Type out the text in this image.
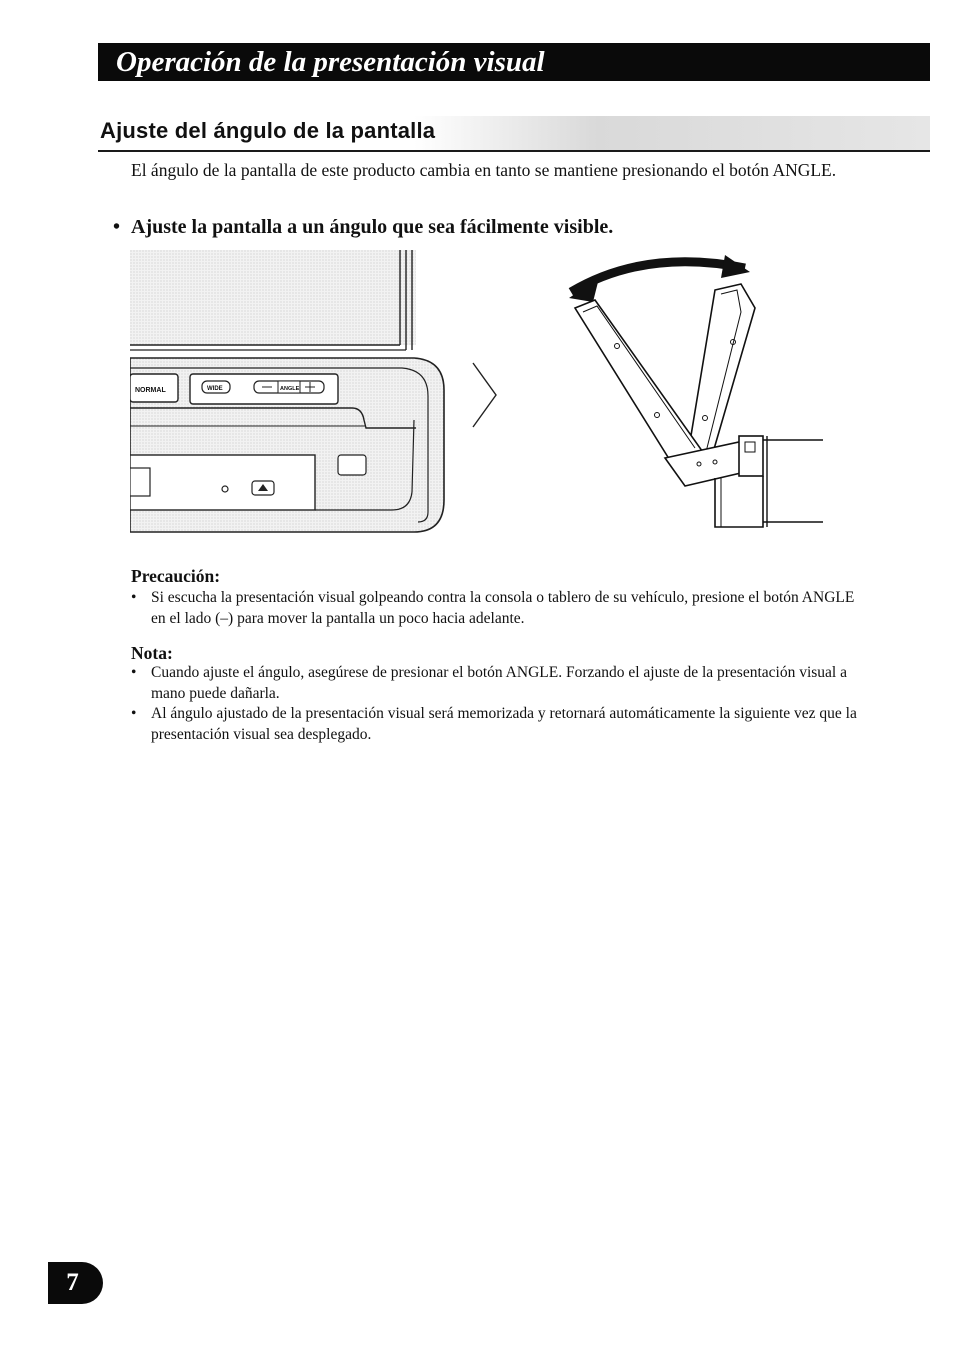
Operación de la presentación visual
Ajuste del ángulo de la pantalla

El ángulo de la pantalla de este producto cambia en tanto se mantiene presionando el botón ANGLE.

• Ajuste la pantalla a un ángulo que sea fácilmente visible.
NORMAL	WIDE	ANGLE
Precaución:
• Si escucha la presentación visual golpeando contra la consola o tablero de su vehículo, presione el botón ANGLE en el lado (–) para mover la pantalla un poco hacia adelante.
Nota:
• Cuando ajuste el ángulo, asegúrese de presionar el botón ANGLE. Forzando el ajuste de la presentación visual a mano puede dañarla.
• Al ángulo ajustado de la presentación visual será memorizada y retornará automáticamente la siguiente vez que la presentación visual sea desplegado.
7
